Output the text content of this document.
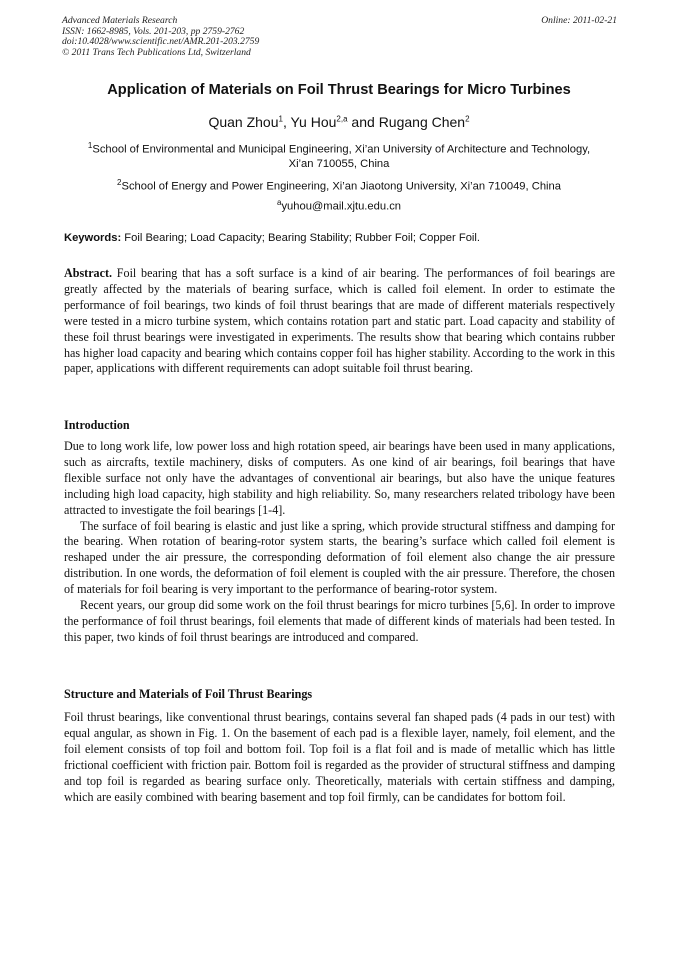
Advanced Materials Research
ISSN: 1662-8985, Vols. 201-203, pp 2759-2762
doi:10.4028/www.scientific.net/AMR.201-203.2759
© 2011 Trans Tech Publications Ltd, Switzerland
Online: 2011-02-21
Application of Materials on Foil Thrust Bearings for Micro Turbines
Quan Zhou$^1$, Yu Hou$^{2,a}$ and Rugang Chen$^2$
$^1$School of Environmental and Municipal Engineering, Xi’an University of Architecture and Technology, Xi’an 710055, China
$^2$School of Energy and Power Engineering, Xi’an Jiaotong University, Xi’an 710049, China
$^a$yuhou@mail.xjtu.edu.cn
Keywords: Foil Bearing; Load Capacity; Bearing Stability; Rubber Foil; Copper Foil.
Abstract. Foil bearing that has a soft surface is a kind of air bearing. The performances of foil bearings are greatly affected by the materials of bearing surface, which is called foil element. In order to estimate the performance of foil bearings, two kinds of foil thrust bearings that are made of different materials respectively were tested in a micro turbine system, which contains rotation part and static part. Load capacity and stability of these foil thrust bearings were investigated in experiments. The results show that bearing which contains rubber has higher load capacity and bearing which contains copper foil has higher stability. According to the work in this paper, applications with different requirements can adopt suitable foil thrust bearing.
Introduction

Due to long work life, low power loss and high rotation speed, air bearings have been used in many applications, such as aircrafts, textile machinery, disks of computers. As one kind of air bearings, foil bearings that have flexible surface not only have the advantages of conventional air bearings, but also have the unique features including high load capacity, high stability and high reliability. So, many researchers related tribology have been attracted to investigate the foil bearings [1-4].

The surface of foil bearing is elastic and just like a spring, which provide structural stiffness and damping for the bearing. When rotation of bearing-rotor system starts, the bearing’s surface which called foil element is reshaped under the air pressure, the corresponding deformation of foil element also change the air pressure distribution. In one words, the deformation of foil element is coupled with the air pressure. Therefore, the chosen of materials for foil bearing is very important to the performance of bearing-rotor system.

Recent years, our group did some work on the foil thrust bearings for micro turbines [5,6]. In order to improve the performance of foil thrust bearings, foil elements that made of different kinds of materials had been tested. In this paper, two kinds of foil thrust bearings are introduced and compared.

Structure and Materials of Foil Thrust Bearings

Foil thrust bearings, like conventional thrust bearings, contains several fan shaped pads (4 pads in our test) with equal angular, as shown in Fig. 1. On the basement of each pad is a flexible layer, namely, foil element, and the foil element consists of top foil and bottom foil. Top foil is a flat foil and is made of metallic which has little frictional coefficient with friction pair. Bottom foil is regarded as the provider of structural stiffness and damping and top foil is regarded as bearing surface only. Theoretically, materials with certain stiffness and damping, which are easily combined with bearing basement and top foil firmly, can be candidates for bottom foil.
